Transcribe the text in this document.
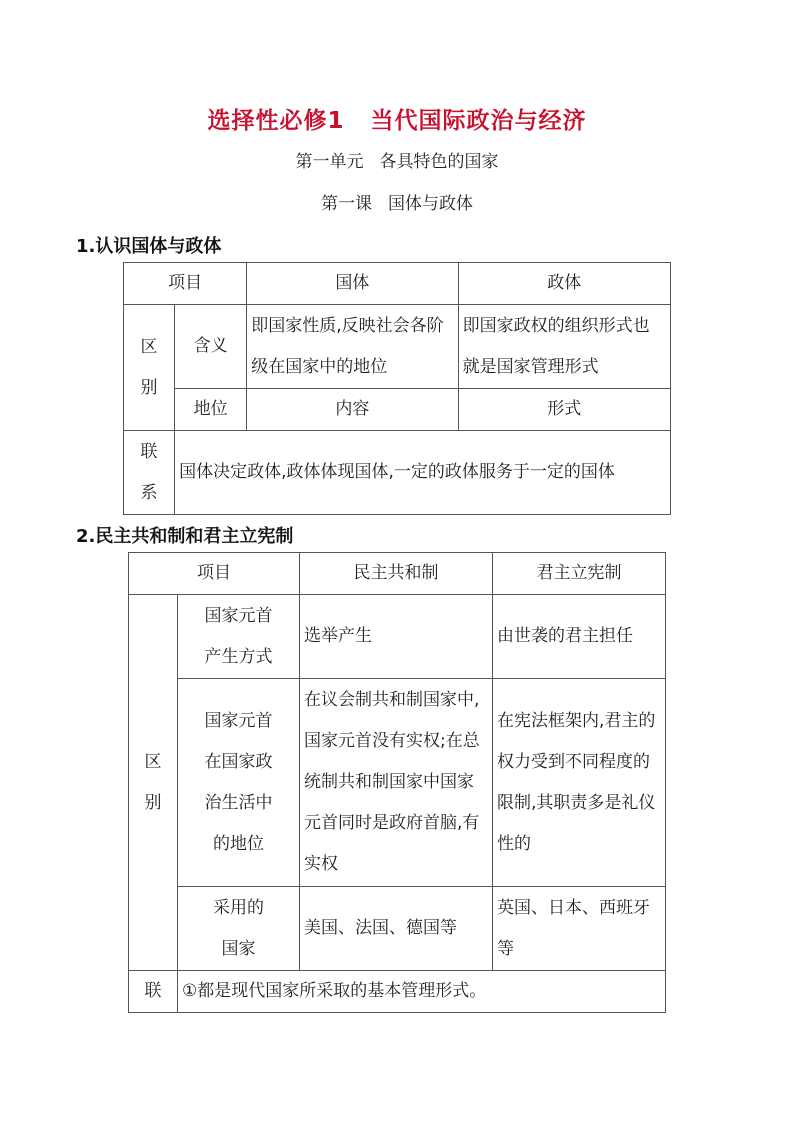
选择性必修1 当代国际政治与经济
第一单元 各具特色的国家
第一课 国体与政体
1.认识国体与政体
项目		国体	政体

区
别	含义	即国家性质,反映社会各阶级在国家中的地位	即国家政权的组织形式也就是国家管理形式
	地位	内容	形式

联
系	国体决定政体,政体体现国体,一定的政体服务于一定的国体		
2.民主共和制和君主立宪制
项目		民主共和制	君主立宪制

区
别	国家元首产生方式	选举产生	由世袭的君主担任
	国家元首在国家政治生活中的地位	在议会制共和制国家中,国家元首没有实权;在总统制共和制国家中国家元首同时是政府首脑,有实权	在宪法框架内,君主的权力受到不同程度的限制,其职责多是礼仪性的
	采用的国家	美国、法国、德国等	英国、日本、西班牙等
联	①都是现代国家所采取的基本管理形式。		
